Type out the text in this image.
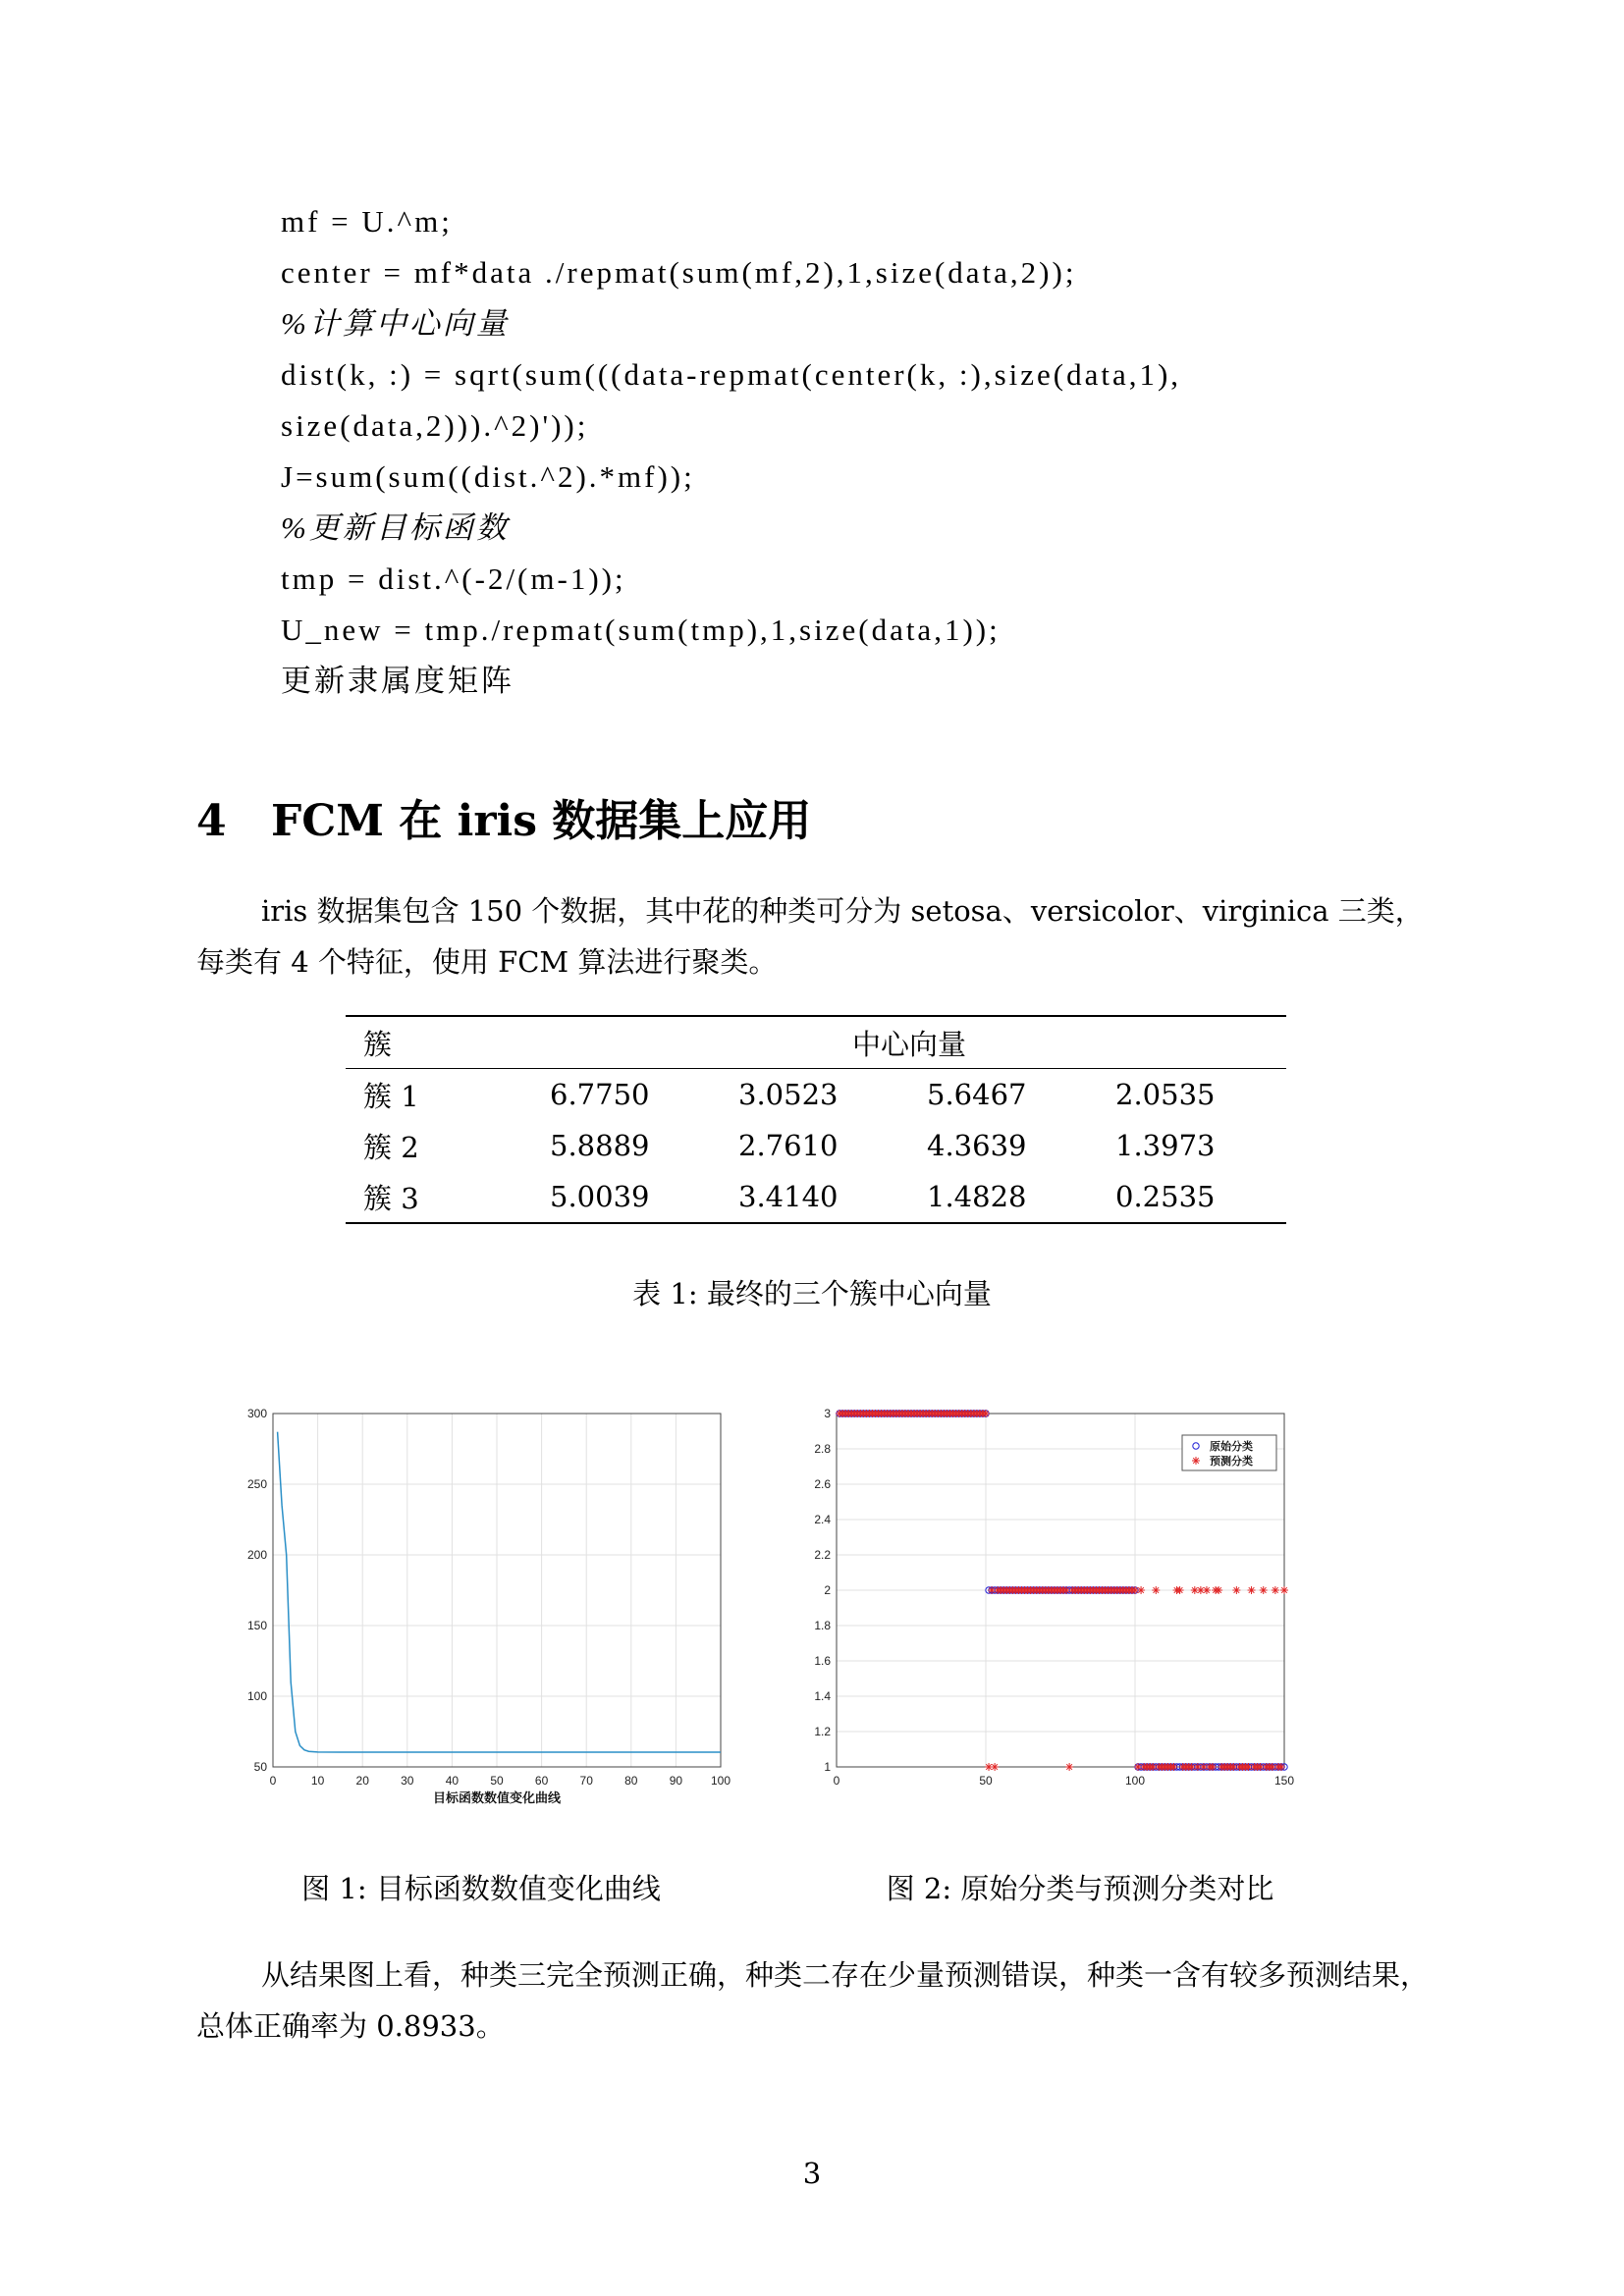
mf = U.^m;
center = mf*data ./repmat(sum(mf,2),1,size(data,2));
%计算中心向量
dist(k, :) = sqrt(sum(((data-repmat(center(k, :),size(data,1),
size(data,2))).^2)'));
J=sum(sum((dist.^2).*mf));
%更新目标函数
tmp = dist.^(-2/(m-1));
U_new = tmp./repmat(sum(tmp),1,size(data,1));
更新隶属度矩阵
4 FCM 在 iris 数据集上应用

iris 数据集包含 150 个数据，其中花的种类可分为 setosa、versicolor、virginica 三类，每类有 4 个特征，使用 FCM 算法进行聚类。

簇	中心向量			
簇 1	6.7750	3.0523	5.6467	2.0535
簇 2	5.8889	2.7610	4.3639	1.3973
簇 3	5.0039	3.4140	1.4828	0.2535
表 1: 最终的三个簇中心向量
0	10	20	30	40	50	60	70	80	90 100
50
100
150
200
250
300
目标函数数值变化曲线
图 1: 目标函数数值变化曲线
0	50	100	150
1
1.2
1.4
1.6
1.8
2
2.2
2.4
2.6
2.8
3
原始分类
预测分类
图 2: 原始分类与预测分类对比

从结果图上看，种类三完全预测正确，种类二存在少量预测错误，种类一含有较多预测结果，总体正确率为 0.8933。

3
